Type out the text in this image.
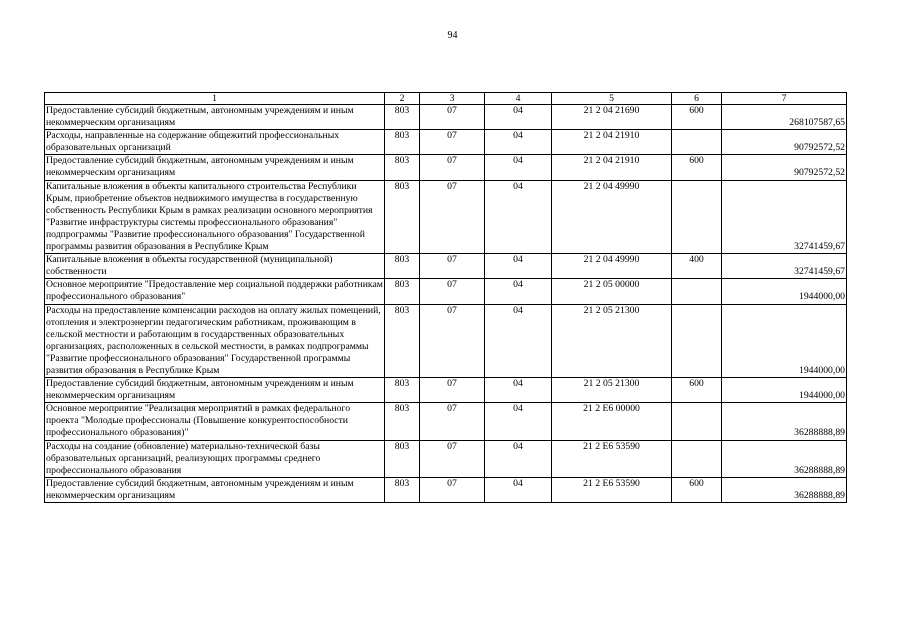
94
1	2	3	4	5	6	7
Предоставление субсидий бюджетным, автономным учреждениям и иным некоммерческим организациям	803	07	04	21 2 04 21690	600	268107587,65
Расходы, направленные на содержание общежитий профессиональных образовательных организаций	803	07	04	21 2 04 21910		90792572,52
Предоставление субсидий бюджетным, автономным учреждениям и иным некоммерческим организациям	803	07	04	21 2 04 21910	600	90792572,52
Капитальные вложения в объекты капитального строительства Республики Крым, приобретение объектов недвижимого имущества в государственную собственность Республики Крым в рамках реализации основного мероприятия "Развитие инфраструктуры системы профессионального образования" подпрограммы "Развитие профессионального образования" Государственной программы развития образования в Республике Крым	803	07	04	21 2 04 49990		32741459,67
Капитальные вложения в объекты государственной (муниципальной) собственности	803	07	04	21 2 04 49990	400	32741459,67
Основное мероприятие "Предоставление мер социальной поддержки работникам профессионального образования"	803	07	04	21 2 05 00000		1944000,00
Расходы на предоставление компенсации расходов на оплату жилых помещений, отопления и электроэнергии педагогическим работникам, проживающим в сельской местности и работающим в государственных образовательных организациях, расположенных в сельской местности, в рамках подпрограммы "Развитие профессионального образования" Государственной программы развития образования в Республике Крым	803	07	04	21 2 05 21300		1944000,00
Предоставление субсидий бюджетным, автономным учреждениям и иным некоммерческим организациям	803	07	04	21 2 05 21300	600	1944000,00
Основное мероприятие "Реализация мероприятий в рамках федерального проекта "Молодые профессионалы (Повышение конкурентоспособности профессионального образования)"	803	07	04	21 2 E6 00000		36288888,89
Расходы на создание (обновление) материально-технической базы образовательных организаций, реализующих программы среднего профессионального образования	803	07	04	21 2 E6 53590		36288888,89
Предоставление субсидий бюджетным, автономным учреждениям и иным некоммерческим организациям	803	07	04	21 2 E6 53590	600	36288888,89
